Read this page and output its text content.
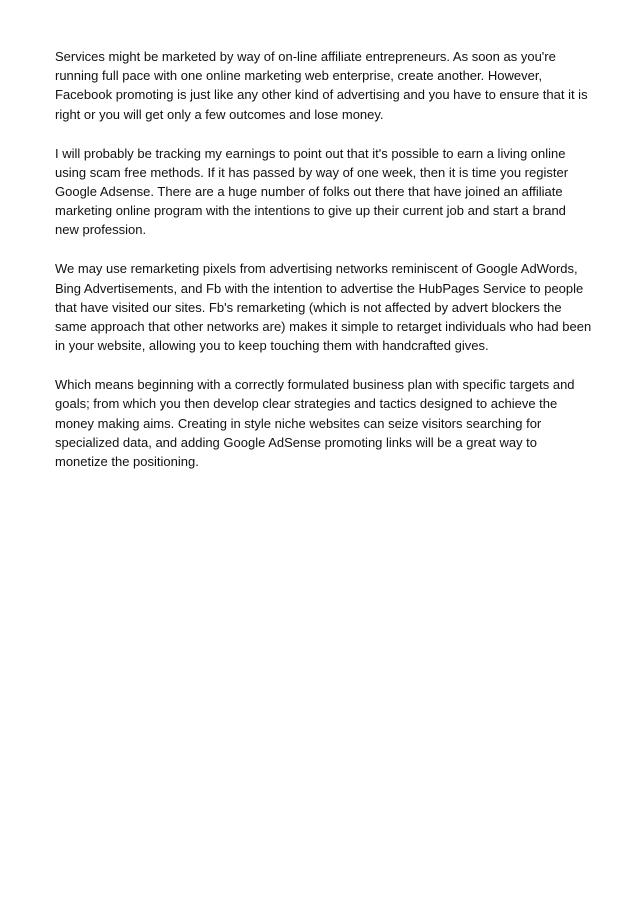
Services might be marketed by way of on-line affiliate entrepreneurs. As soon as you're
running full pace with one online marketing web enterprise, create another. However,
Facebook promoting is just like any other kind of advertising and you have to ensure that it is
right or you will get only a few outcomes and lose money.

I will probably be tracking my earnings to point out that it's possible to earn a living online
using scam free methods. If it has passed by way of one week, then it is time you register
Google Adsense. There are a huge number of folks out there that have joined an affiliate
marketing online program with the intentions to give up their current job and start a brand
new profession.

We may use remarketing pixels from advertising networks reminiscent of Google AdWords,
Bing Advertisements, and Fb with the intention to advertise the HubPages Service to people
that have visited our sites. Fb's remarketing (which is not affected by advert blockers the
same approach that other networks are) makes it simple to retarget individuals who had been
in your website, allowing you to keep touching them with handcrafted gives.

Which means beginning with a correctly formulated business plan with specific targets and
goals; from which you then develop clear strategies and tactics designed to achieve the
money making aims. Creating in style niche websites can seize visitors searching for
specialized data, and adding Google AdSense promoting links will be a great way to
monetize the positioning.
